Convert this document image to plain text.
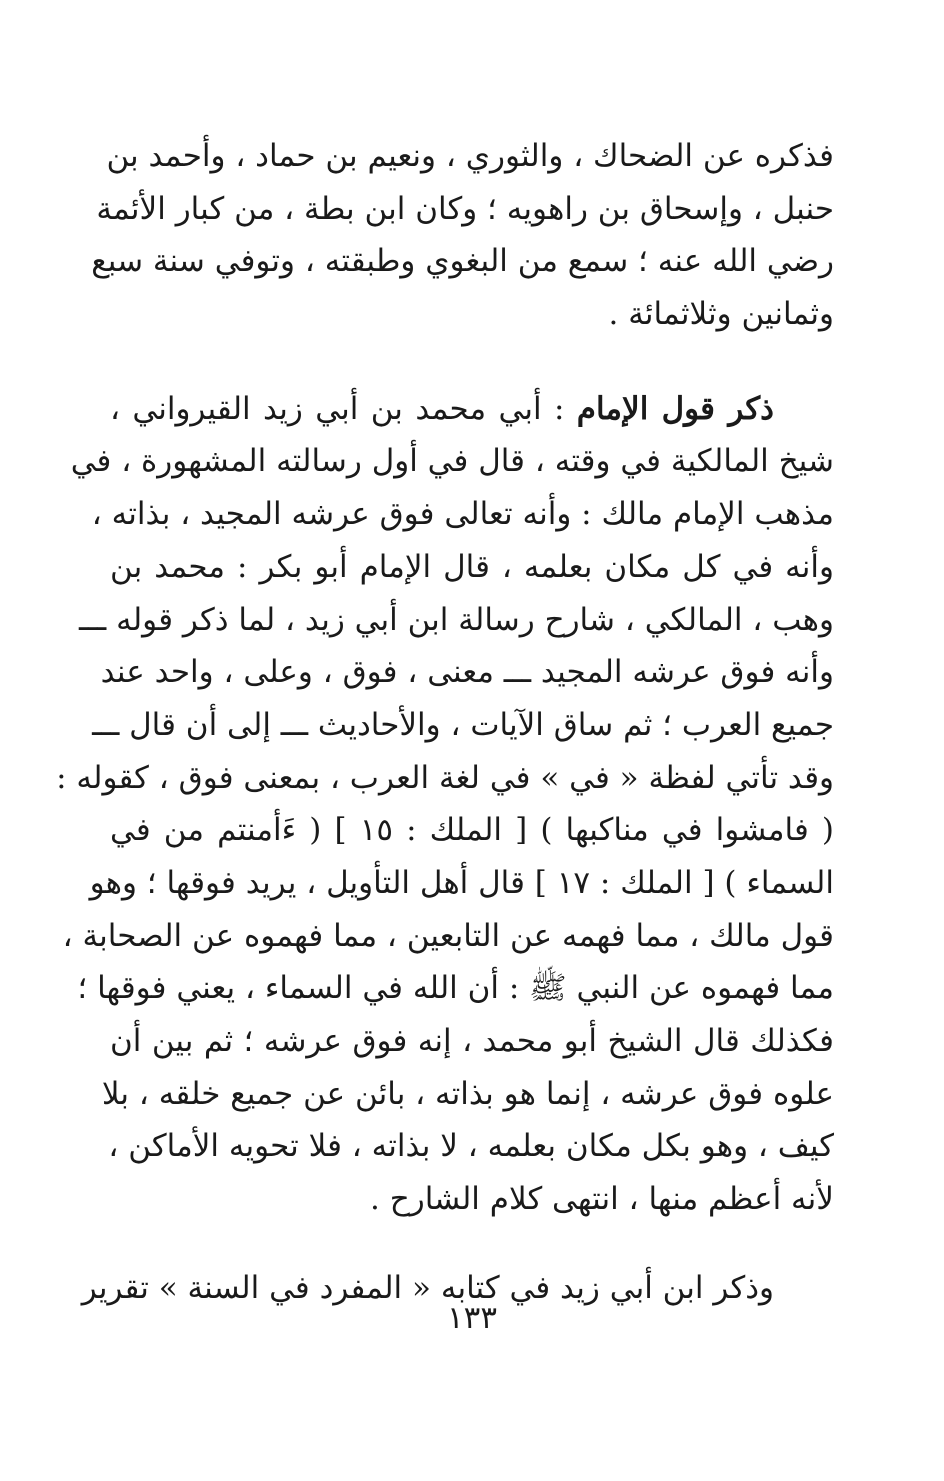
فذكره عن الضحاك ، والثوري ، ونعيم بن حماد ، وأحمد بن
حنبل ، وإسحاق بن راهويه ؛ وكان ابن بطة ، من كبار الأئمة
رضي الله عنه ؛ سمع من البغوي وطبقته ، وتوفي سنة سبع
وثمانين وثلاثمائة .

ذكر قول الإمام : أبي محمد بن أبي زيد القيرواني ،
شيخ المالكية في وقته ، قال في أول رسالته المشهورة ، في
مذهب الإمام مالك : وأنه تعالى فوق عرشه المجيد ، بذاته ،
وأنه في كل مكان بعلمه ، قال الإمام أبو بكر : محمد بن
وهب ، المالكي ، شارح رسالة ابن أبي زيد ، لما ذكر قوله ـــ
وأنه فوق عرشه المجيد ـــ معنى ، فوق ، وعلى ، واحد عند
جميع العرب ؛ ثم ساق الآيات ، والأحاديث ـــ إلى أن قال ـــ
وقد تأتي لفظة « في » في لغة العرب ، بمعنى فوق ، كقوله :
( فامشوا في مناكبها ) [ الملك : ١٥ ] ( ءَأمنتم من في
السماء ) [ الملك : ١٧ ] قال أهل التأويل ، يريد فوقها ؛ وهو
قول مالك ، مما فهمه عن التابعين ، مما فهموه عن الصحابة ،
مما فهموه عن النبي ﷺ : أن الله في السماء ، يعني فوقها ؛
فكذلك قال الشيخ أبو محمد ، إنه فوق عرشه ؛ ثم بين أن
علوه فوق عرشه ، إنما هو بذاته ، بائن عن جميع خلقه ، بلا
كيف ، وهو بكل مكان بعلمه ، لا بذاته ، فلا تحويه الأماكن ،
لأنه أعظم منها ، انتهى كلام الشارح .

وذكر ابن أبي زيد في كتابه « المفرد في السنة » تقرير

١٣٣
